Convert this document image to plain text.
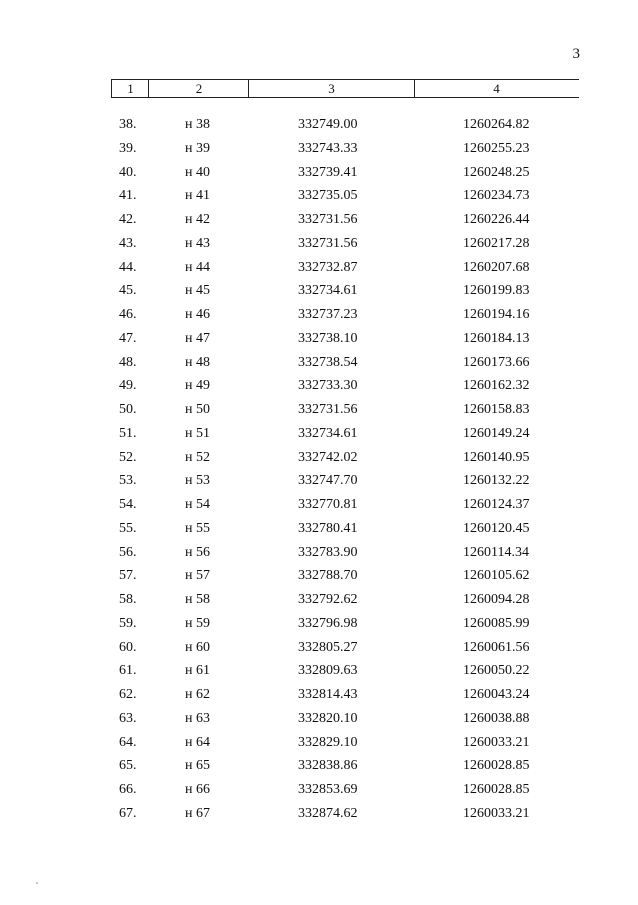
3
1	2	3	4
38.	н 38	332749.00	1260264.82
39.	н 39	332743.33	1260255.23
40.	н 40	332739.41	1260248.25
41.	н 41	332735.05	1260234.73
42.	н 42	332731.56	1260226.44
43.	н 43	332731.56	1260217.28
44.	н 44	332732.87	1260207.68
45.	н 45	332734.61	1260199.83
46.	н 46	332737.23	1260194.16
47.	н 47	332738.10	1260184.13
48.	н 48	332738.54	1260173.66
49.	н 49	332733.30	1260162.32
50.	н 50	332731.56	1260158.83
51.	н 51	332734.61	1260149.24
52.	н 52	332742.02	1260140.95
53.	н 53	332747.70	1260132.22
54.	н 54	332770.81	1260124.37
55.	н 55	332780.41	1260120.45
56.	н 56	332783.90	1260114.34
57.	н 57	332788.70	1260105.62
58.	н 58	332792.62	1260094.28
59.	н 59	332796.98	1260085.99
60.	н 60	332805.27	1260061.56
61.	н 61	332809.63	1260050.22
62.	н 62	332814.43	1260043.24
63.	н 63	332820.10	1260038.88
64.	н 64	332829.10	1260033.21
65.	н 65	332838.86	1260028.85
66.	н 66	332853.69	1260028.85
67.	н 67	332874.62	1260033.21
